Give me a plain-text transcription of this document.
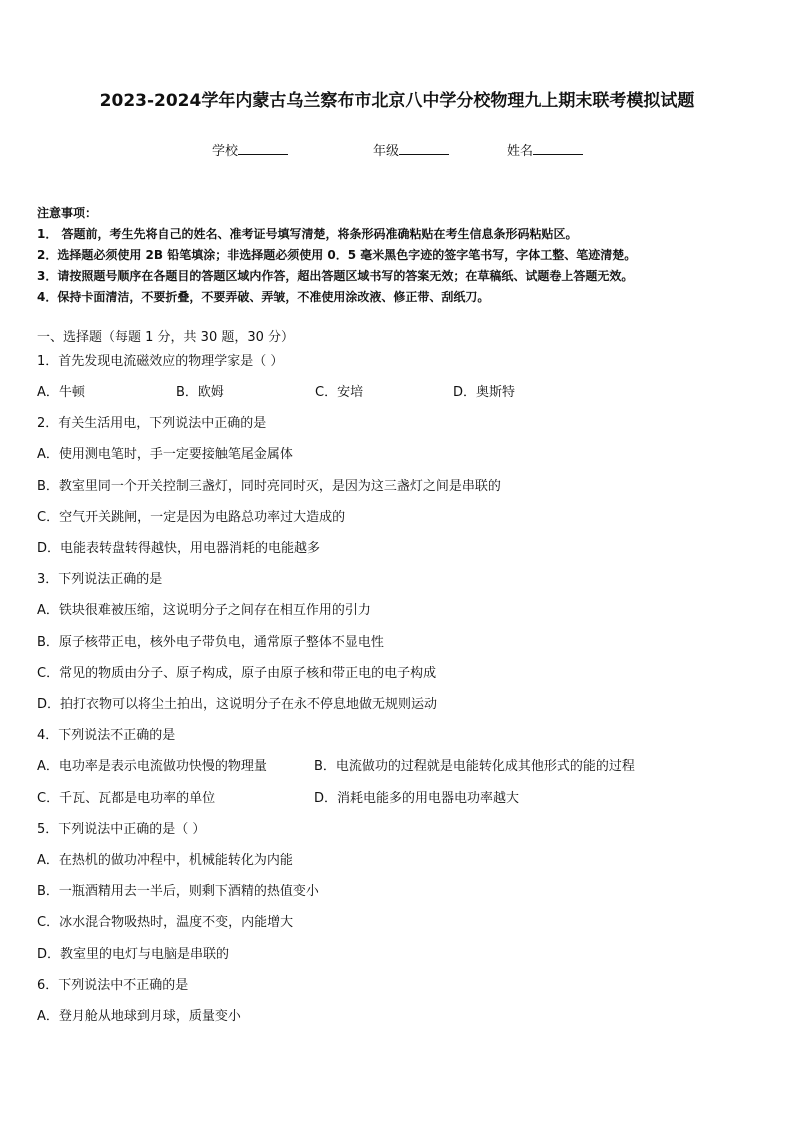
2023-2024学年内蒙古乌兰察布市北京八中学分校物理九上期末联考模拟试题
学校	年级	姓名
注意事项：
1． 答题前，考生先将自己的姓名、准考证号填写清楚，将条形码准确粘贴在考生信息条形码粘贴区。
2．选择题必须使用 2B 铅笔填涂；非选择题必须使用 0．5 毫米黑色字迹的签字笔书写，字体工整、笔迹清楚。
3．请按照题号顺序在各题目的答题区域内作答，超出答题区域书写的答案无效；在草稿纸、试题卷上答题无效。
4．保持卡面清洁，不要折叠，不要弄破、弄皱，不准使用涂改液、修正带、刮纸刀。
一、选择题（每题 1 分，共 30 题，30 分）
1．首先发现电流磁效应的物理学家是（ ）
A．牛顿	B．欧姆	C．安培	D．奥斯特
2．有关生活用电，下列说法中正确的是
A．使用测电笔时，手一定要接触笔尾金属体
B．教室里同一个开关控制三盏灯，同时亮同时灭，是因为这三盏灯之间是串联的
C．空气开关跳闸，一定是因为电路总功率过大造成的
D．电能表转盘转得越快，用电器消耗的电能越多
3．下列说法正确的是
A．铁块很难被压缩，这说明分子之间存在相互作用的引力
B．原子核带正电，核外电子带负电，通常原子整体不显电性
C．常见的物质由分子、原子构成，原子由原子核和带正电的电子构成
D．拍打衣物可以将尘土拍出，这说明分子在永不停息地做无规则运动
4．下列说法不正确的是
A．电功率是表示电流做功快慢的物理量	B．电流做功的过程就是电能转化成其他形式的能的过程
C．千瓦、瓦都是电功率的单位	D．消耗电能多的用电器电功率越大
5．下列说法中正确的是（ ）
A．在热机的做功冲程中，机械能转化为内能
B．一瓶酒精用去一半后，则剩下酒精的热值变小
C．冰水混合物吸热时，温度不变，内能增大
D．教室里的电灯与电脑是串联的
6．下列说法中不正确的是
A．登月舱从地球到月球，质量变小
